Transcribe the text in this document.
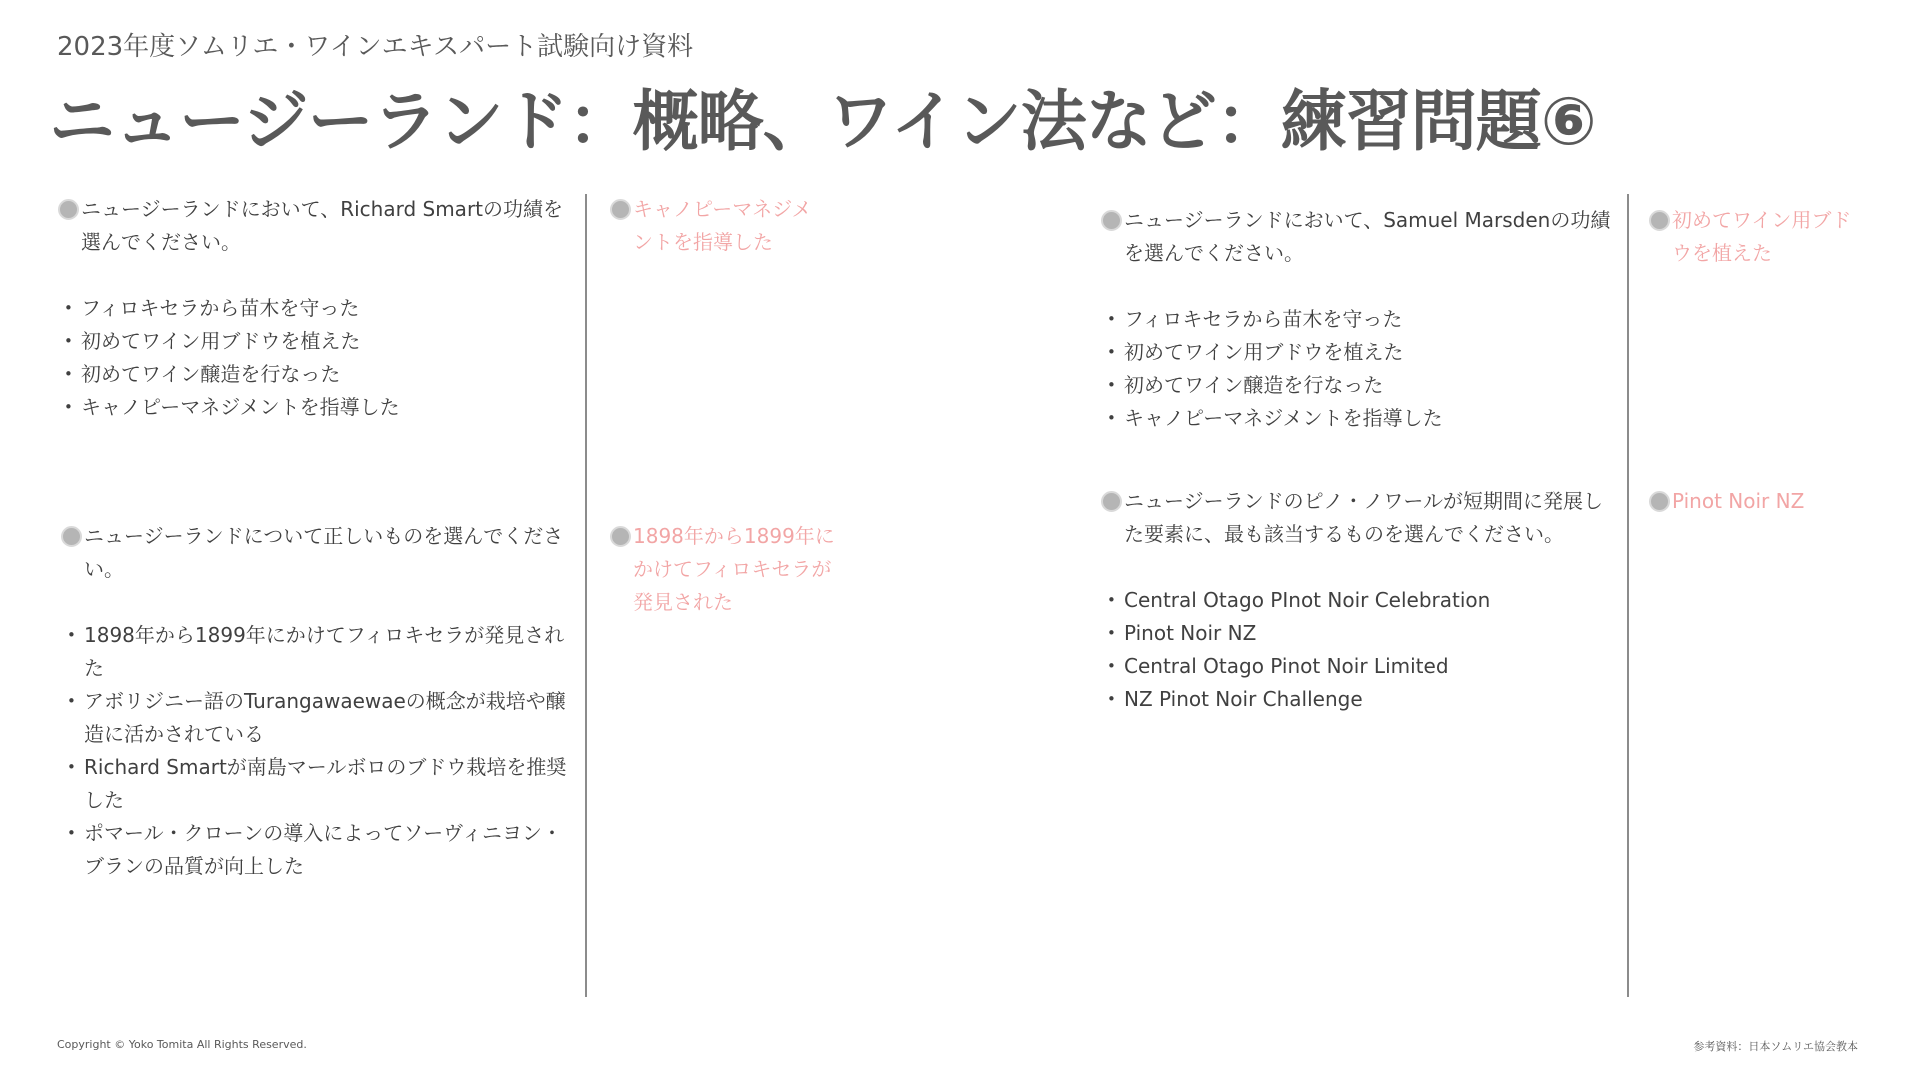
2023年度ソムリエ・ワインエキスパート試験向け資料
ニュージーランド：概略、ワイン法など：練習問題⑥
ニュージーランドにおいて、Richard Smartの功績を選んでください。
• フィロキセラから苗木を守った
• 初めてワイン用ブドウを植えた
• 初めてワイン醸造を行なった
• キャノピーマネジメントを指導した
キャノピーマネジメントを指導した
ニュージーランドについて正しいものを選んでください。
• 1898年から1899年にかけてフィロキセラが発見された
• アボリジニー語のTurangawaewaeの概念が栽培や醸造に活かされている
• Richard Smartが南島マールボロのブドウ栽培を推奨した
• ポマール・クローンの導入によってソーヴィニヨン・ブランの品質が向上した
1898年から1899年にかけてフィロキセラが発見された
ニュージーランドにおいて、Samuel Marsdenの功績を選んでください。
• フィロキセラから苗木を守った
• 初めてワイン用ブドウを植えた
• 初めてワイン醸造を行なった
• キャノピーマネジメントを指導した
初めてワイン用ブドウを植えた
ニュージーランドのピノ・ノワールが短期間に発展した要素に、最も該当するものを選んでください。
• Central Otago PInot Noir Celebration
• Pinot Noir NZ
• Central Otago Pinot Noir Limited
• NZ Pinot Noir Challenge
Pinot Noir NZ
Copyright © Yoko Tomita All Rights Reserved.	参考資料：日本ソムリエ協会教本
